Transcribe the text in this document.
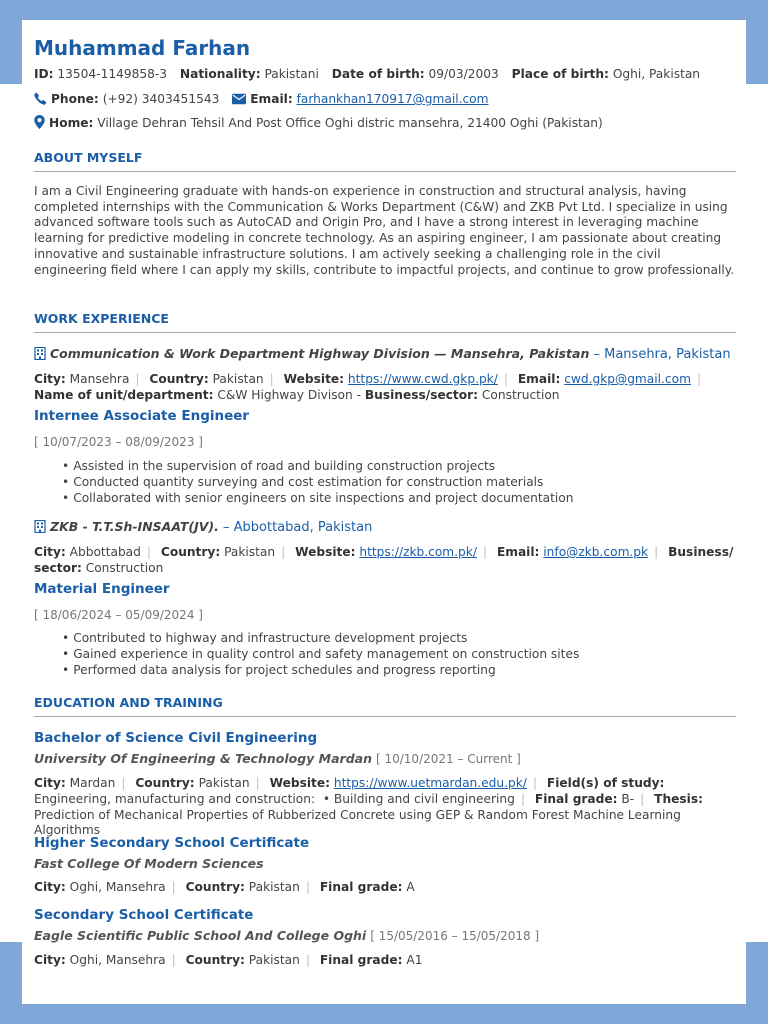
Muhammad Farhan
ID: 13504-1149858-3 Nationality: Pakistani Date of birth: 09/03/2003 Place of birth: Oghi, Pakistan
Phone: (+92) 3403451543	Email: farhankhan170917@gmail.com
Home: Village Dehran Tehsil And Post Office Oghi distric mansehra, 21400 Oghi (Pakistan)
ABOUT MYSELF
I am a Civil Engineering graduate with hands-on experience in construction and structural analysis, having completed internships with the Communication & Works Department (C&W) and ZKB Pvt Ltd. I specialize in using advanced software tools such as AutoCAD and Origin Pro, and I have a strong interest in leveraging machine learning for predictive modeling in concrete technology. As an aspiring engineer, I am passionate about creating innovative and sustainable infrastructure solutions. I am actively seeking a challenging role in the civil engineering field where I can apply my skills, contribute to impactful projects, and continue to grow professionally.
WORK EXPERIENCE
Communication & Work Department Highway Division — Mansehra, Pakistan – Mansehra, Pakistan
City: Mansehra | Country: Pakistan | Website: https://www.cwd.gkp.pk/ | Email: cwd.gkp@gmail.com | Name of unit/department: C&W Highway Divison - Business/sector: Construction
Internee Associate Engineer
[ 10/07/2023 – 08/09/2023 ]
• Assisted in the supervision of road and building construction projects
• Conducted quantity surveying and cost estimation for construction materials
• Collaborated with senior engineers on site inspections and project documentation
ZKB - T.T.Sh-INSAAT(JV). – Abbottabad, Pakistan
City: Abbottabad | Country: Pakistan | Website: https://zkb.com.pk/ | Email: info@zkb.com.pk | Business/ sector: Construction
Material Engineer
[ 18/06/2024 – 05/09/2024 ]
• Contributed to highway and infrastructure development projects
• Gained experience in quality control and safety management on construction sites
• Performed data analysis for project schedules and progress reporting
EDUCATION AND TRAINING
Bachelor of Science Civil Engineering
University Of Engineering & Technology Mardan [ 10/10/2021 – Current ]
City: Mardan | Country: Pakistan | Website: https://www.uetmardan.edu.pk/ | Field(s) of study: Engineering, manufacturing and construction: • Building and civil engineering | Final grade: B- | Thesis: Prediction of Mechanical Properties of Rubberized Concrete using GEP & Random Forest Machine Learning Algorithms
Higher Secondary School Certificate
Fast College Of Modern Sciences
City: Oghi, Mansehra | Country: Pakistan | Final grade: A
Secondary School Certificate
Eagle Scientific Public School And College Oghi [ 15/05/2016 – 15/05/2018 ]
City: Oghi, Mansehra | Country: Pakistan | Final grade: A1
